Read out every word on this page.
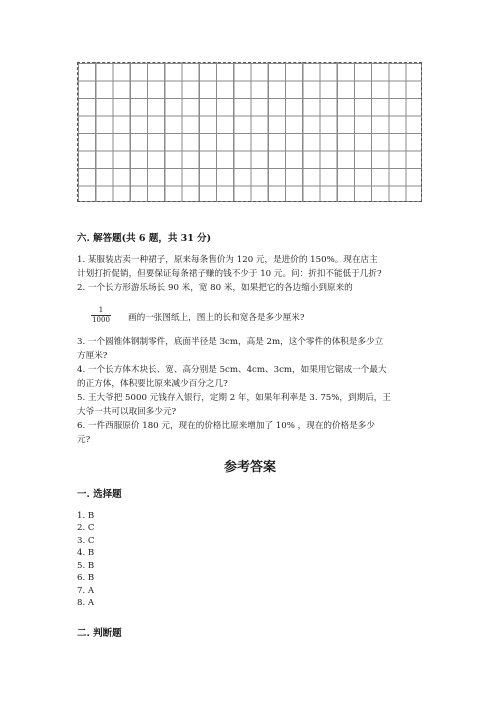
六. 解答题(共 6 题，共 31 分)
1. 某服装店卖一种裙子，原来每条售价为 120 元，是进价的 150%。现在店主
计划打折促销，但要保证每条裙子赚的钱不少于 10 元。问：折扣不能低于几折?
2. 一个长方形游乐场长 90 米，宽 80 米，如果把它的各边缩小到原来的
$\frac{1}{1000}$ 画的一张图纸上，图上的长和宽各是多少厘米?
3. 一个圆锥体钢制零件，底面半径是 3cm，高是 2m，这个零件的体积是多少立
方厘米?
4. 一个长方体木块长、宽、高分别是 5cm、4cm、3cm，如果用它锯成一个最大
的正方体，体积要比原来减少百分之几?
5. 王大爷把 5000 元钱存入银行，定期 2 年，如果年利率是 3. 75%，到期后，王
大爷一共可以取回多少元?
6. 一件西服原价 180 元，现在的价格比原来增加了 10% ，现在的价格是多少
元?
参考答案
一. 选择题
1. B
2. C
3. C
4. B
5. B
6. B
7. A
8. A
二. 判断题
